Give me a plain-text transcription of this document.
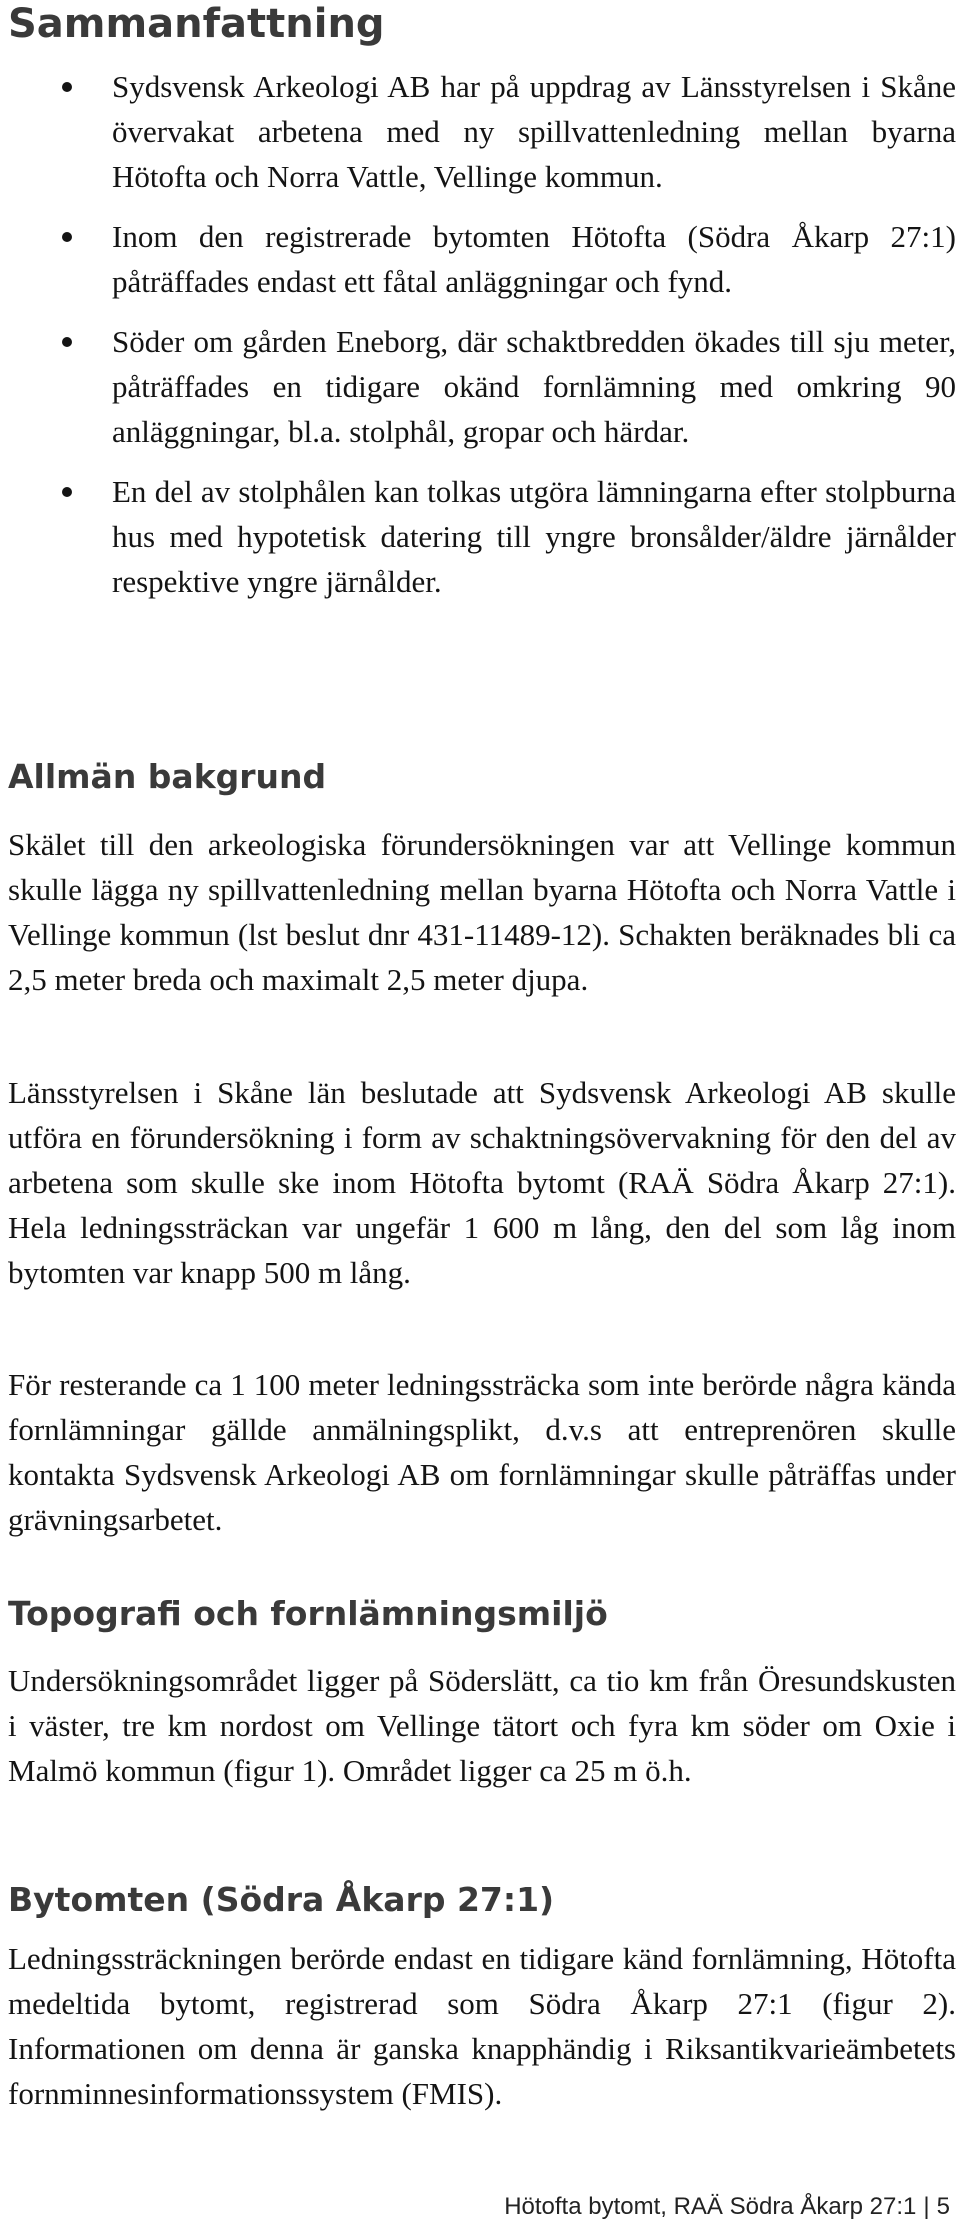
Sammanfattning
Sydsvensk Arkeologi AB har på uppdrag av Länsstyrelsen i Skåne övervakat arbetena med ny spillvattenledning mellan byarna Hötofta och Norra Vattle, Vellinge kommun.
Inom den registrerade bytomten Hötofta (Södra Åkarp 27:1) påträffades endast ett fåtal anläggningar och fynd.
Söder om gården Eneborg, där schaktbredden ökades till sju meter, påträffades en tidigare okänd fornlämning med omkring 90 anläggningar, bl.a. stolphål, gropar och härdar.
En del av stolphålen kan tolkas utgöra lämningarna efter stolpburna hus med hypotetisk datering till yngre bronsålder/äldre järnålder respektive yngre järnålder.
Allmän bakgrund

Skälet till den arkeologiska förundersökningen var att Vellinge kommun skulle lägga ny spillvattenledning mellan byarna Hötofta och Norra Vattle i Vellinge kommun (lst beslut dnr 431-11489-12). Schakten beräknades bli ca 2,5 meter breda och maximalt 2,5 meter djupa.

Länsstyrelsen i Skåne län beslutade att Sydsvensk Arkeologi AB skulle utföra en förundersökning i form av schaktningsövervakning för den del av arbetena som skulle ske inom Hötofta bytomt (RAÄ Södra Åkarp 27:1). Hela ledningssträckan var ungefär 1 600 m lång, den del som låg inom bytomten var knapp 500 m lång.

För resterande ca 1 100 meter ledningssträcka som inte berörde några kända fornlämningar gällde anmälningsplikt, d.v.s att entreprenören skulle kontakta Sydsvensk Arkeologi AB om fornlämningar skulle påträffas under grävningsarbetet.

Topografi och fornlämningsmiljö

Undersökningsområdet ligger på Söderslätt, ca tio km från Öresundskusten i väster, tre km nordost om Vellinge tätort och fyra km söder om Oxie i Malmö kommun (figur 1). Området ligger ca 25 m ö.h.

Bytomten (Södra Åkarp 27:1)

Ledningssträckningen berörde endast en tidigare känd fornlämning, Hötofta medeltida bytomt, registrerad som Södra Åkarp 27:1 (figur 2). Informationen om denna är ganska knapphändig i Riksantikvarieämbetets fornminnesinformationssystem (FMIS).

Hötofta bytomt, RAÄ Södra Åkarp 27:1 | 5
